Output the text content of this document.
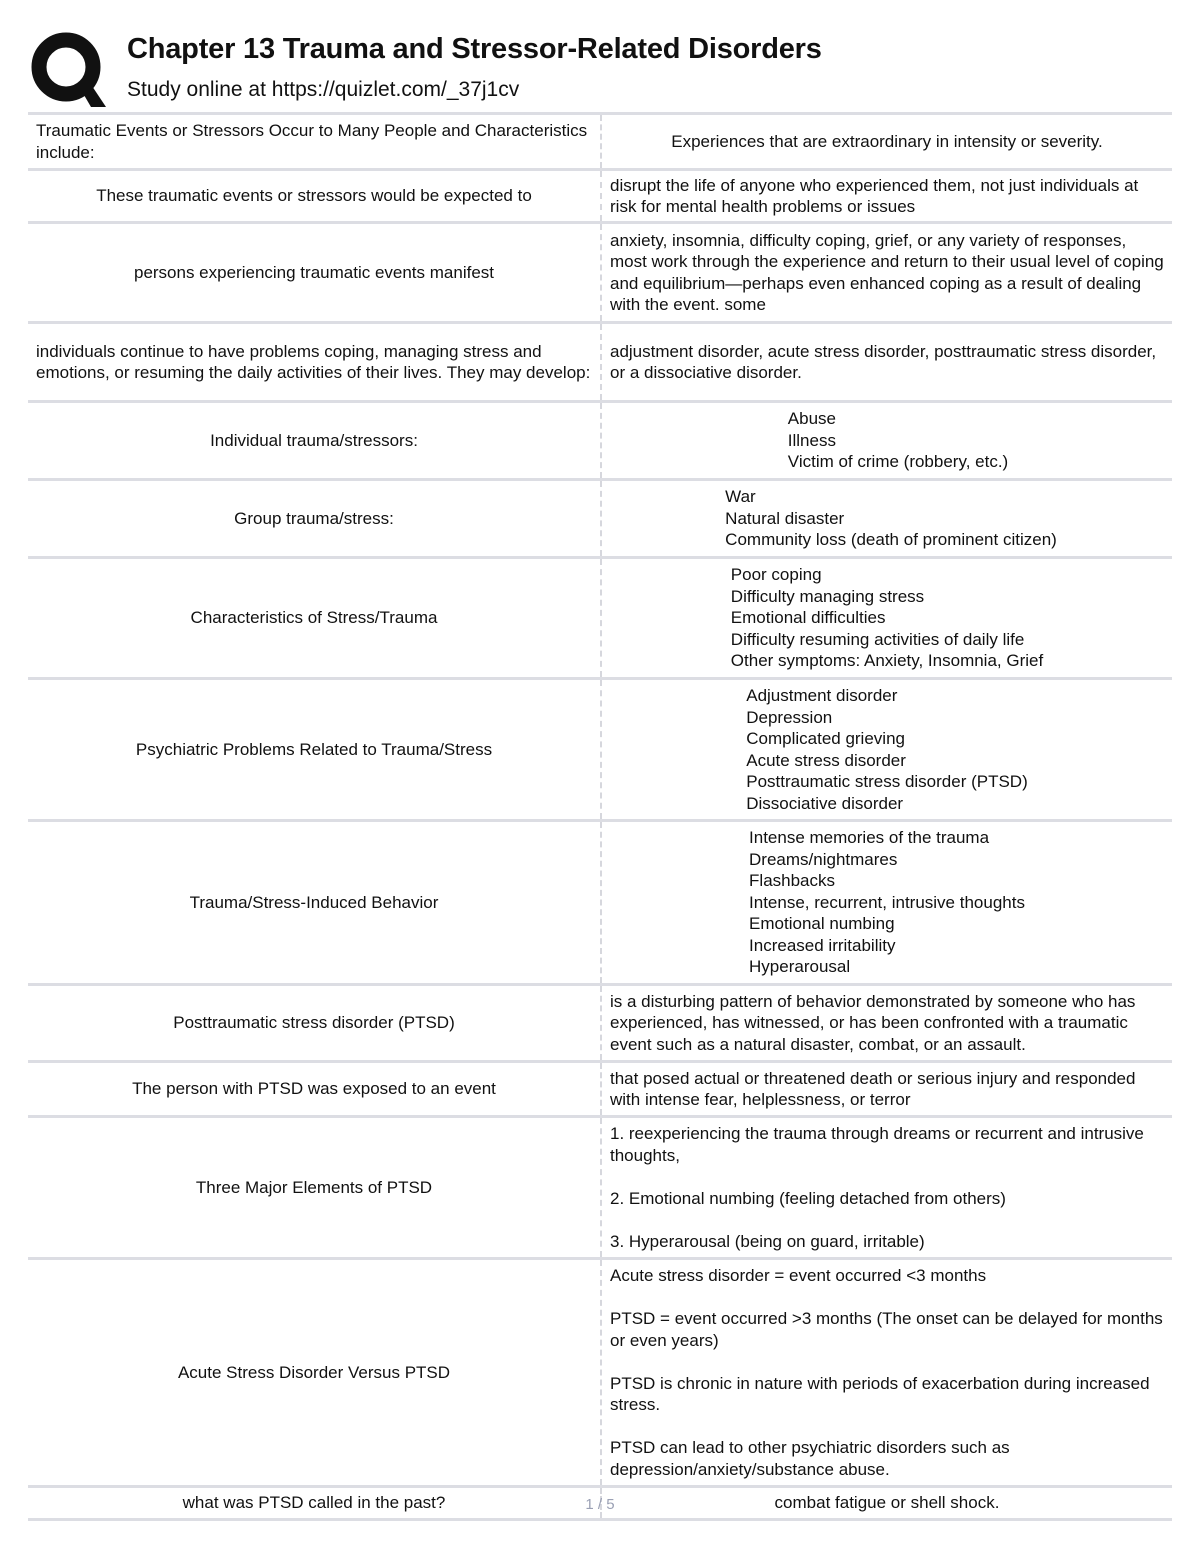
Chapter 13 Trauma and Stressor-Related Disorders

Study online at https://quizlet.com/_37j1cv

Traumatic Events or Stressors Occur to Many People and Characteristics include:
Experiences that are extraordinary in intensity or severity.
These traumatic events or stressors would be expected to
disrupt the life of anyone who experienced them, not just individuals at risk for mental health problems or issues
persons experiencing traumatic events manifest
anxiety, insomnia, difficulty coping, grief, or any variety of responses, most work through the experience and return to their usual level of coping and equilibrium—perhaps even enhanced coping as a result of dealing with the event. some
individuals continue to have problems coping, managing stress and emotions, or resuming the daily activities of their lives. They may develop:
adjustment disorder, acute stress disorder, posttraumatic stress disorder, or a dissociative disorder.
Individual trauma/stressors:
Abuse
Illness
Victim of crime (robbery, etc.)
Group trauma/stress:
War
Natural disaster
Community loss (death of prominent citizen)
Characteristics of Stress/Trauma
Poor coping
Difficulty managing stress
Emotional difficulties
Difficulty resuming activities of daily life
Other symptoms: Anxiety, Insomnia, Grief
Psychiatric Problems Related to Trauma/Stress
Adjustment disorder
Depression
Complicated grieving
Acute stress disorder
Posttraumatic stress disorder (PTSD)
Dissociative disorder
Trauma/Stress-Induced Behavior
Intense memories of the trauma
Dreams/nightmares
Flashbacks
Intense, recurrent, intrusive thoughts
Emotional numbing
Increased irritability
Hyperarousal
Posttraumatic stress disorder (PTSD)
is a disturbing pattern of behavior demonstrated by someone who has experienced, has witnessed, or has been confronted with a traumatic event such as a natural disaster, combat, or an assault.
The person with PTSD was exposed to an event
that posed actual or threatened death or serious injury and responded with intense fear, helplessness, or terror
Three Major Elements of PTSD

1. reexperiencing the trauma through dreams or recurrent and intrusive thoughts,

2. Emotional numbing (feeling detached from others)

3. Hyperarousal (being on guard, irritable)

Acute Stress Disorder Versus PTSD

Acute stress disorder = event occurred <3 months

PTSD = event occurred >3 months (The onset can be delayed for months or even years)

PTSD is chronic in nature with periods of exacerbation during increased stress.

PTSD can lead to other psychiatric disorders such as depression/anxiety/substance abuse.

what was PTSD called in the past?	combat fatigue or shell shock.
1 / 5
